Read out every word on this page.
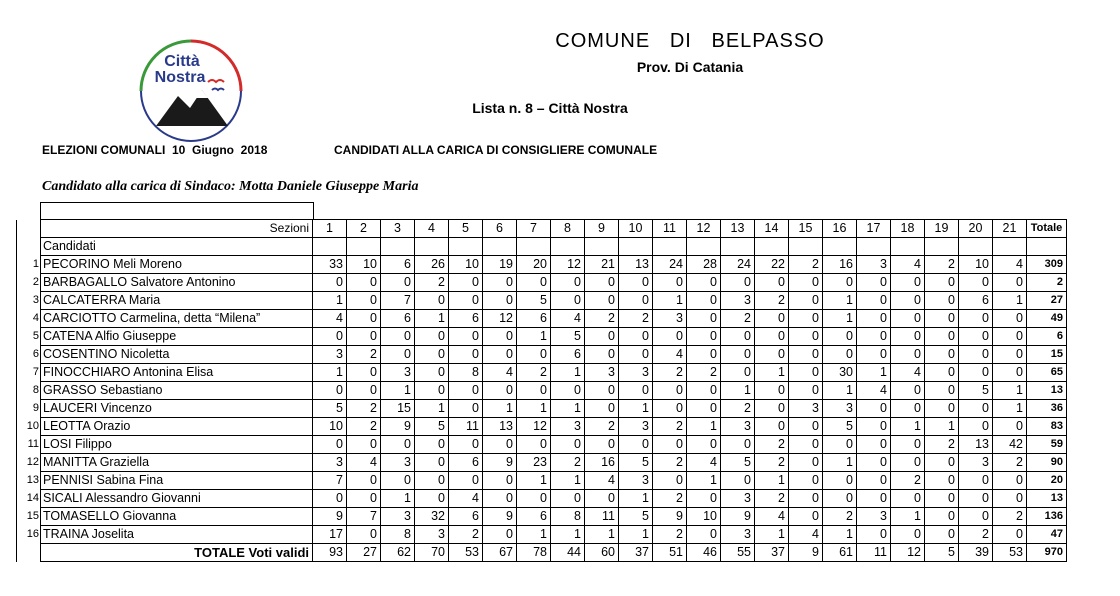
Città
Nostra
COMUNE   DI   BELPASSO
Prov. Di Catania
Lista n. 8 – Città Nostra
ELEZIONI COMUNALI  10  Giugno  2018	CANDIDATI ALLA CARICA DI CONSIGLIERE COMUNALE
Candidato alla carica di Sindaco: Motta Daniele Giuseppe Maria
	Sezioni	1	2	3	4	5	6	7	8	9	10	11	12	13	14	15	16	17	18	19	20	21	Totale
	Candidati																						
1	PECORINO Meli Moreno	33	10	6	26	10	19	20	12	21	13	24	28	24	22	2	16	3	4	2	10	4	309
2	BARBAGALLO Salvatore Antonino	0	0	0	2	0	0	0	0	0	0	0	0	0	0	0	0	0	0	0	0	0	2
3	CALCATERRA Maria	1	0	7	0	0	0	5	0	0	0	1	0	3	2	0	1	0	0	0	6	1	27
4	CARCIOTTO Carmelina, detta “Milena”	4	0	6	1	6	12	6	4	2	2	3	0	2	0	0	1	0	0	0	0	0	49
5	CATENA Alfio Giuseppe	0	0	0	0	0	0	1	5	0	0	0	0	0	0	0	0	0	0	0	0	0	6
6	COSENTINO Nicoletta	3	2	0	0	0	0	0	6	0	0	4	0	0	0	0	0	0	0	0	0	0	15
7	FINOCCHIARO Antonina Elisa	1	0	3	0	8	4	2	1	3	3	2	2	0	1	0	30	1	4	0	0	0	65
8	GRASSO Sebastiano	0	0	1	0	0	0	0	0	0	0	0	0	1	0	0	1	4	0	0	5	1	13
9	LAUCERI Vincenzo	5	2	15	1	0	1	1	1	0	1	0	0	2	0	3	3	0	0	0	0	1	36
10	LEOTTA Orazio	10	2	9	5	11	13	12	3	2	3	2	1	3	0	0	5	0	1	1	0	0	83
11	LOSI Filippo	0	0	0	0	0	0	0	0	0	0	0	0	0	2	0	0	0	0	2	13	42	59
12	MANITTA Graziella	3	4	3	0	6	9	23	2	16	5	2	4	5	2	0	1	0	0	0	3	2	90
13	PENNISI Sabina Fina	7	0	0	0	0	0	1	1	4	3	0	1	0	1	0	0	0	2	0	0	0	20
14	SICALI Alessandro Giovanni	0	0	1	0	4	0	0	0	0	1	2	0	3	2	0	0	0	0	0	0	0	13
15	TOMASELLO Giovanna	9	7	3	32	6	9	6	8	11	5	9	10	9	4	0	2	3	1	0	0	2	136
16	TRAINA Joselita	17	0	8	3	2	0	1	1	1	1	2	0	3	1	4	1	0	0	0	2	0	47
	TOTALE Voti validi	93	27	62	70	53	67	78	44	60	37	51	46	55	37	9	61	11	12	5	39	53	970
